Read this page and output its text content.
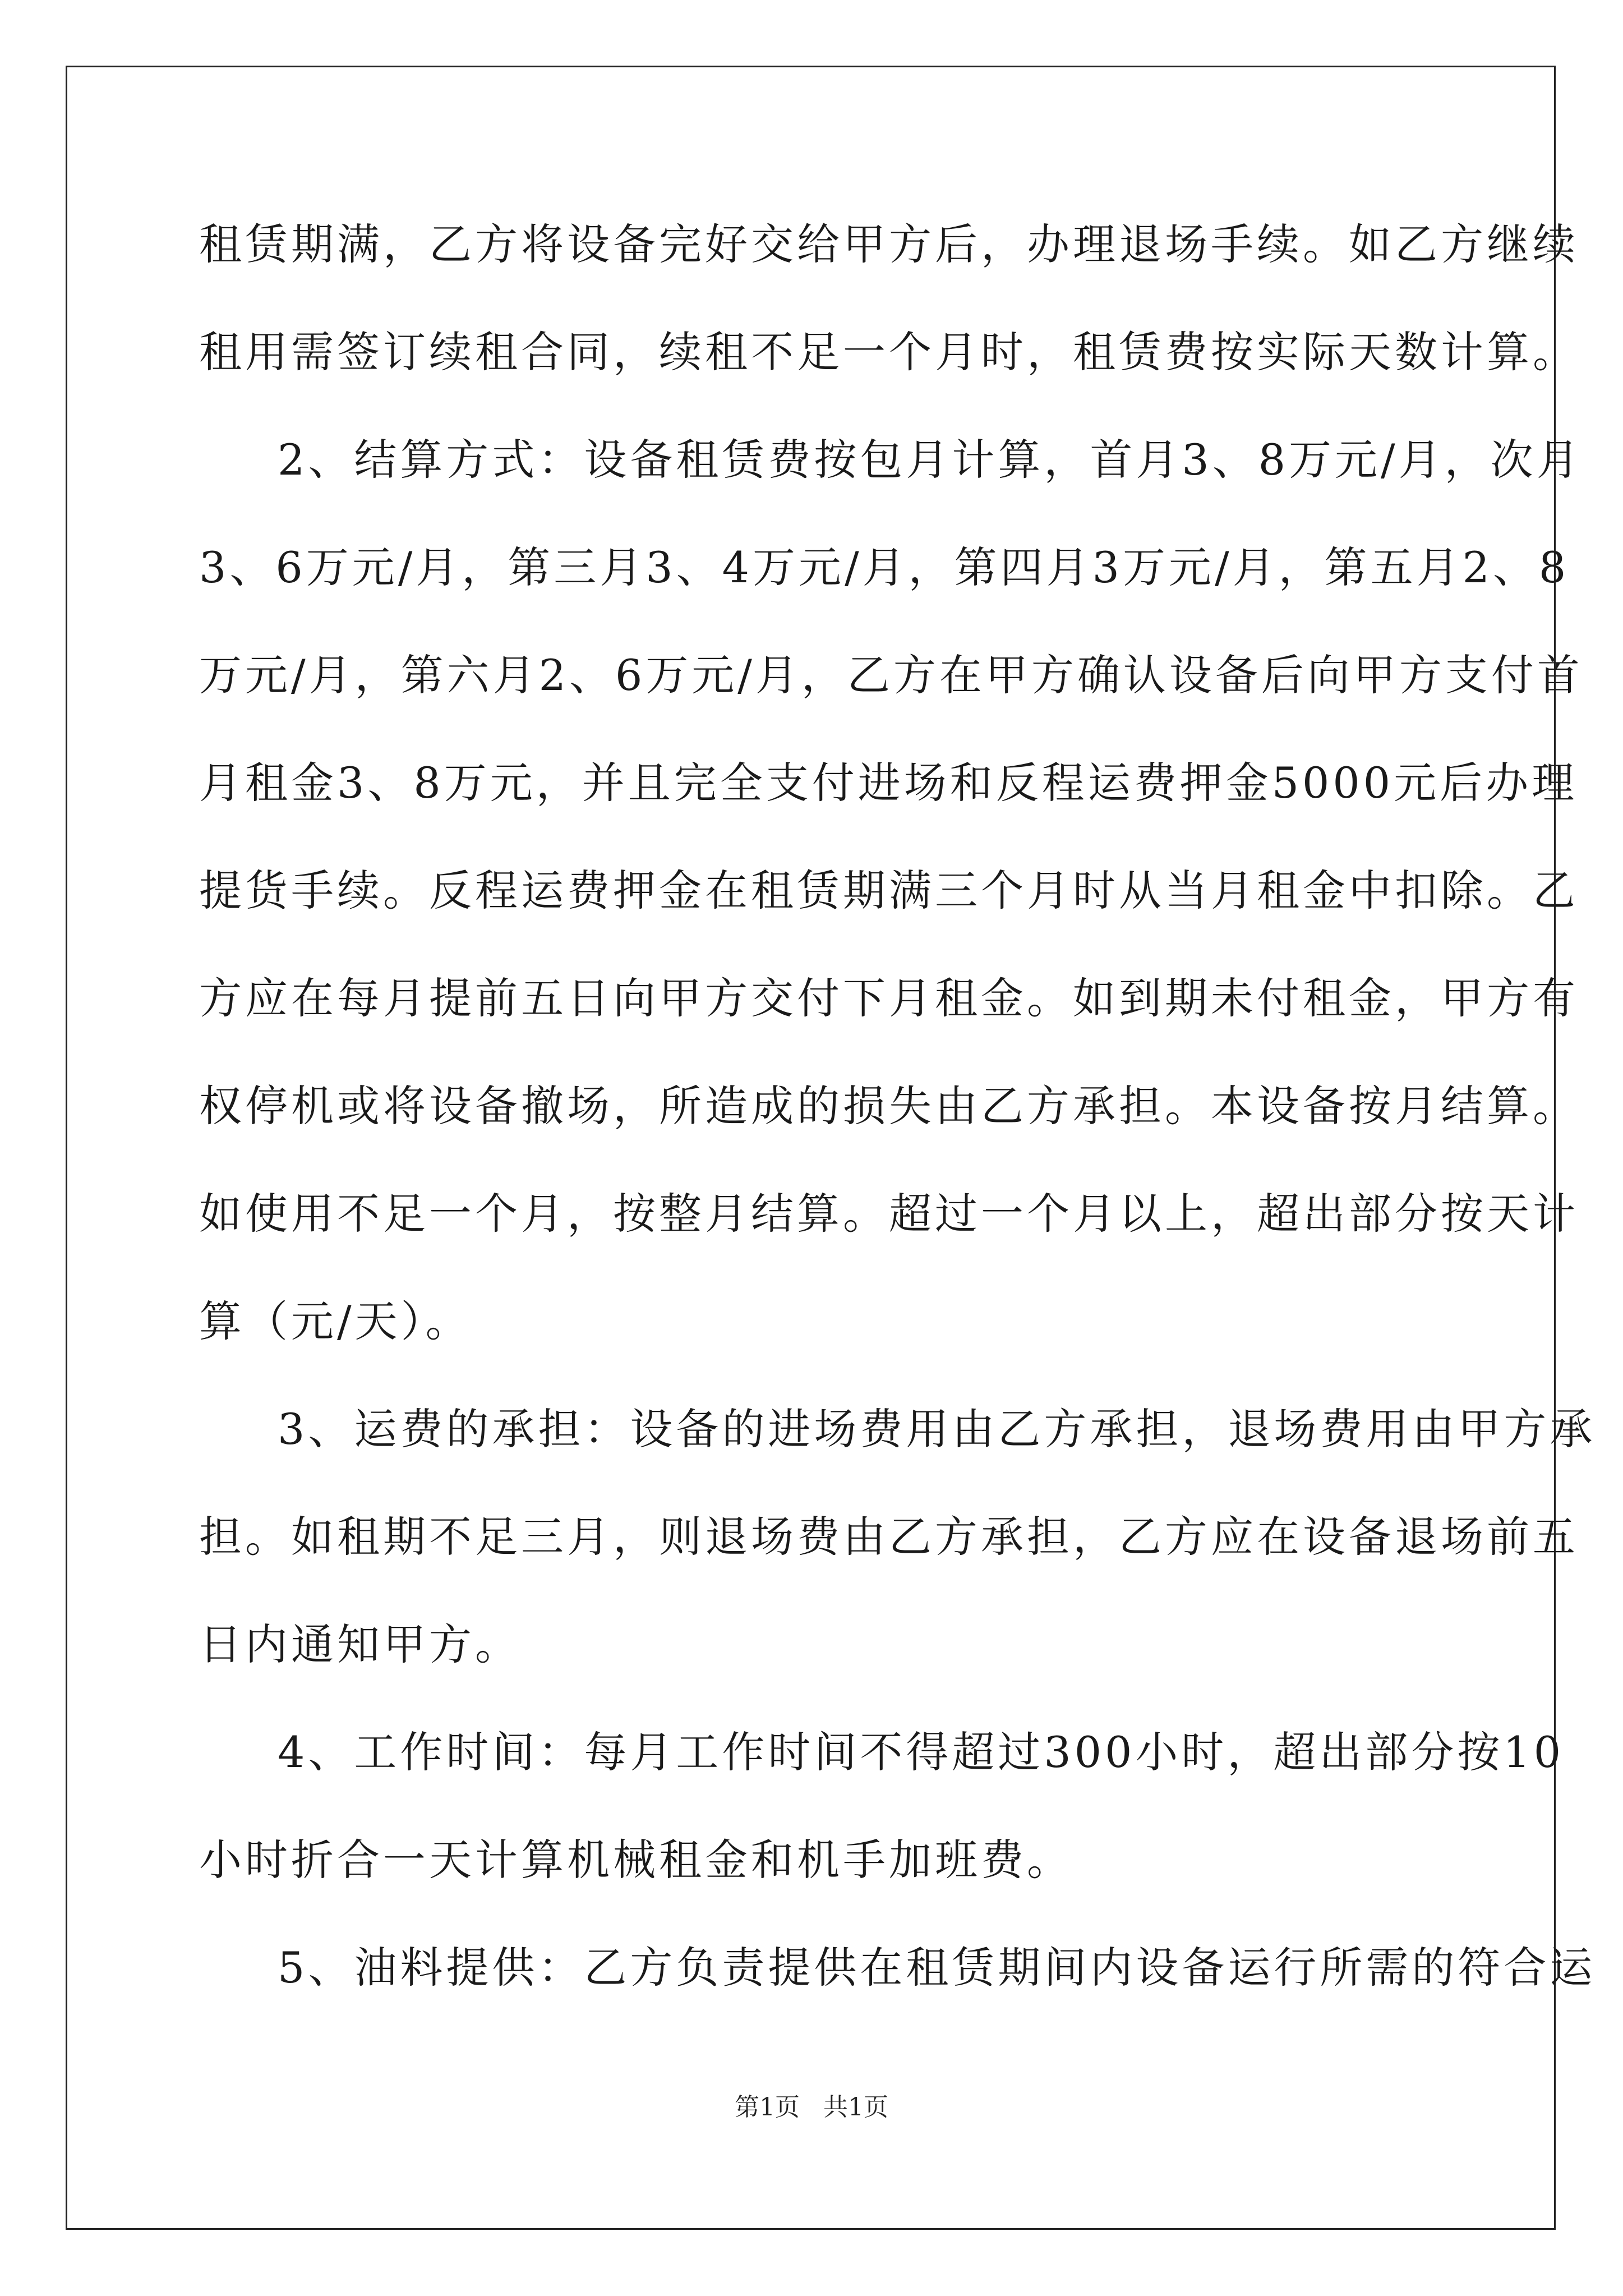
租赁期满，乙方将设备完好交给甲方后，办理退场手续。如乙方继续
租用需签订续租合同，续租不足一个月时，租赁费按实际天数计算。
2、结算方式：设备租赁费按包月计算，首月3、8万元/月，次月
3、6万元/月，第三月3、4万元/月，第四月3万元/月，第五月2、8
万元/月，第六月2、6万元/月，乙方在甲方确认设备后向甲方支付首
月租金3、8万元，并且完全支付进场和反程运费押金5000元后办理
提货手续。反程运费押金在租赁期满三个月时从当月租金中扣除。乙
方应在每月提前五日向甲方交付下月租金。如到期未付租金，甲方有
权停机或将设备撤场，所造成的损失由乙方承担。本设备按月结算。
如使用不足一个月，按整月结算。超过一个月以上，超出部分按天计
算（元/天）。
3、运费的承担：设备的进场费用由乙方承担，退场费用由甲方承
担。如租期不足三月，则退场费由乙方承担，乙方应在设备退场前五
日内通知甲方。
4、工作时间：每月工作时间不得超过300小时，超出部分按10
小时折合一天计算机械租金和机手加班费。
5、油料提供：乙方负责提供在租赁期间内设备运行所需的符合运
第1页   共1页
